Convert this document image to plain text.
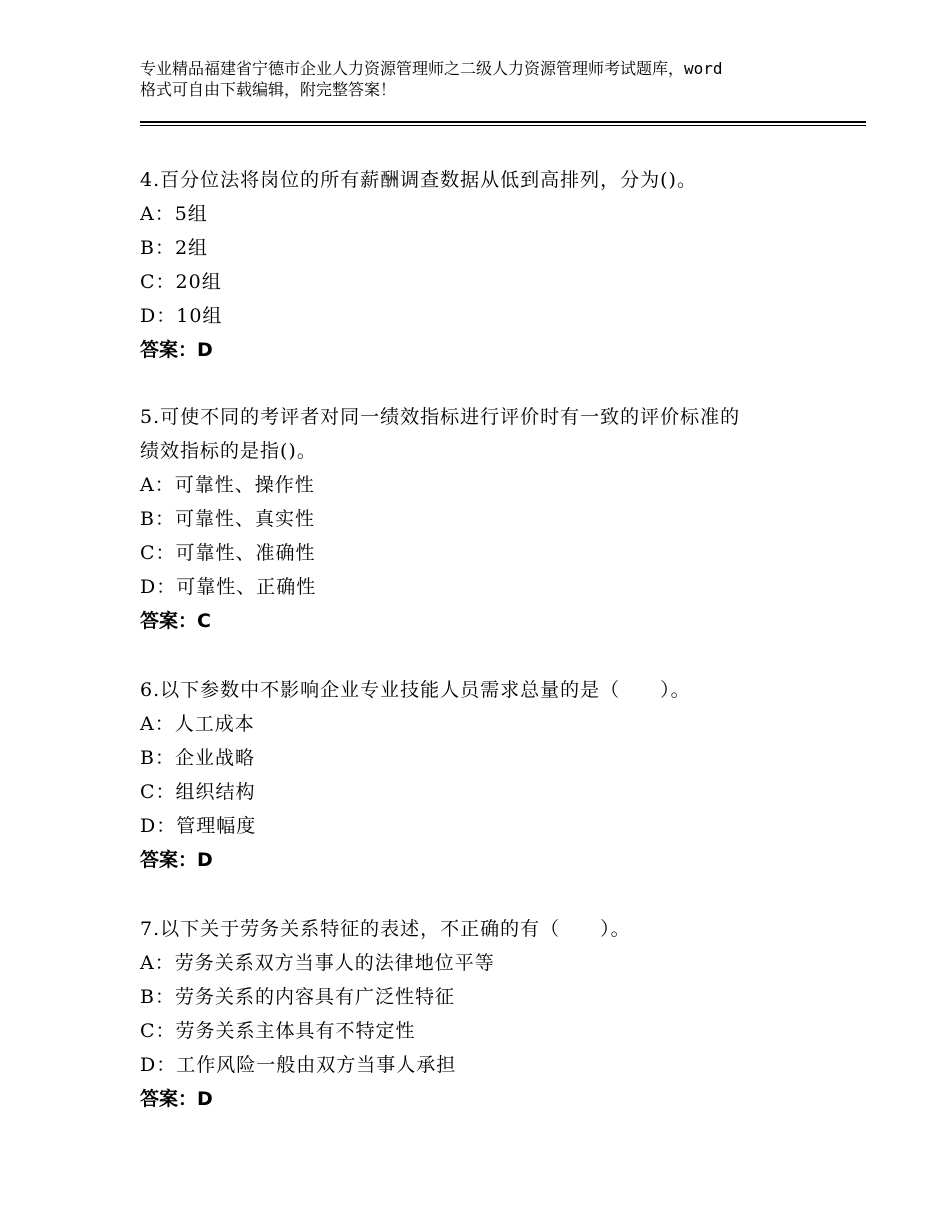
专业精品福建省宁德市企业人力资源管理师之二级人力资源管理师考试题库，word
格式可自由下载编辑，附完整答案！
4.百分位法将岗位的所有薪酬调查数据从低到高排列，分为()。
A：5组
B：2组
C：20组
D：10组
答案：D
5.可使不同的考评者对同一绩效指标进行评价时有一致的评价标准的
绩效指标的是指()。
A：可靠性、操作性
B：可靠性、真实性
C：可靠性、准确性
D：可靠性、正确性
答案：C
6.以下参数中不影响企业专业技能人员需求总量的是（　　）。
A：人工成本
B：企业战略
C：组织结构
D：管理幅度
答案：D
7.以下关于劳务关系特征的表述，不正确的有（　　）。
A：劳务关系双方当事人的法律地位平等
B：劳务关系的内容具有广泛性特征
C：劳务关系主体具有不特定性
D：工作风险一般由双方当事人承担
答案：D
